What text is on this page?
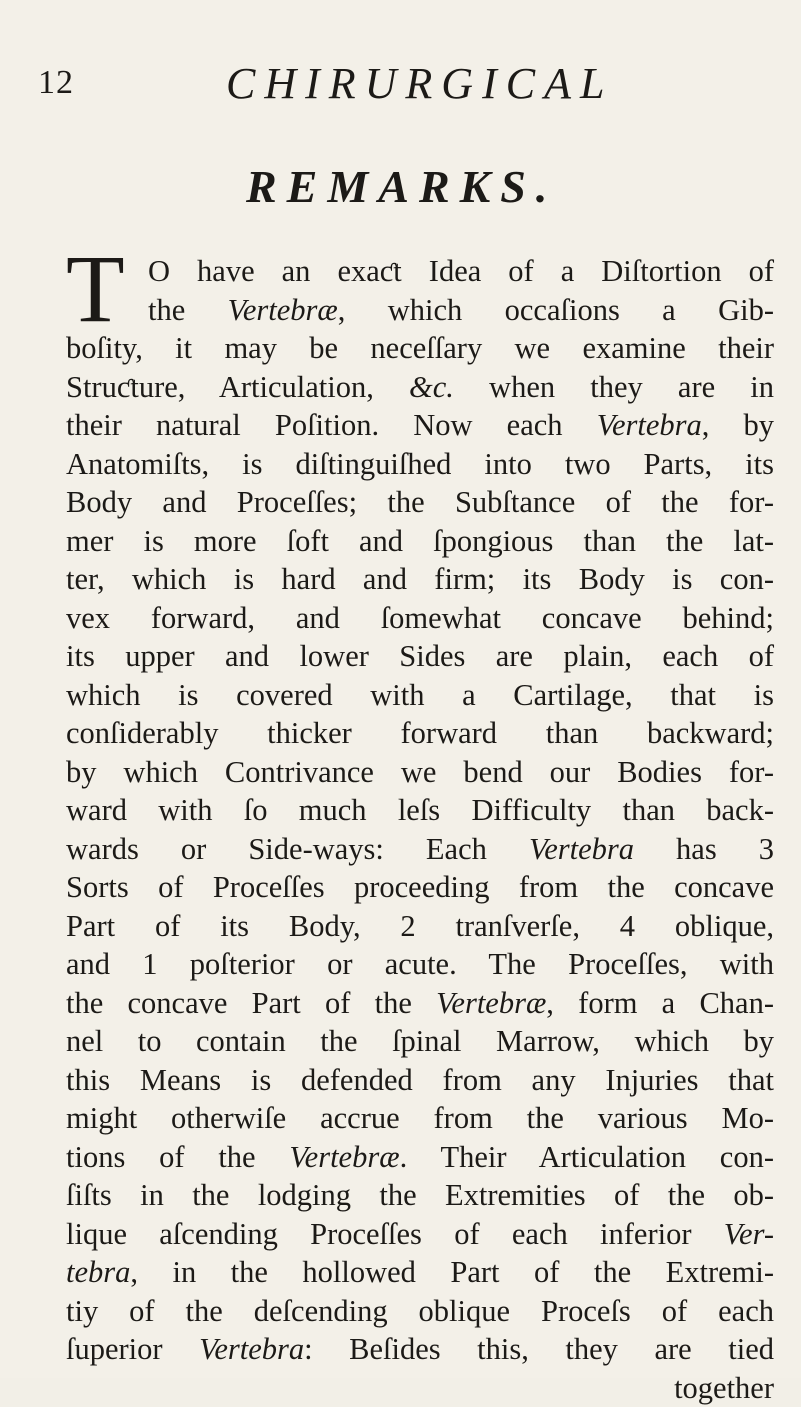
12	CHIRURGICAL
REMARKS.
T O have an exaƈt Idea of a Diſtortion of
the Vertebræ, which occaſions a Gib-
boſity, it may be neceſſary we examine their
Struƈture, Articulation, &c. when they are in
their natural Poſition. Now each Vertebra, by
Anatomiſts, is diſtinguiſhed into two Parts, its
Body and Proceſſes; the Subſtance of the for-
mer is more ſoft and ſpongious than the lat-
ter, which is hard and firm; its Body is con-
vex forward, and ſomewhat concave behind;
its upper and lower Sides are plain, each of
which is covered with a Cartilage, that is
conſiderably thicker forward than backward;
by which Contrivance we bend our Bodies for-
ward with ſo much leſs Difficulty than back-
wards or Side-ways: Each Vertebra has 3
Sorts of Proceſſes proceeding from the concave
Part of its Body, 2 tranſverſe, 4 oblique,
and 1 poſterior or acute. The Proceſſes, with
the concave Part of the Vertebræ, form a Chan-
nel to contain the ſpinal Marrow, which by
this Means is defended from any Injuries that
might otherwiſe accrue from the various Mo-
tions of the Vertebræ. Their Articulation con-
ſiſts in the lodging the Extremities of the ob-
lique aſcending Proceſſes of each inferior Ver-
tebra, in the hollowed Part of the Extremi-
tiy of the deſcending oblique Proceſs of each
ſuperior Vertebra: Beſides this, they are tied
together
